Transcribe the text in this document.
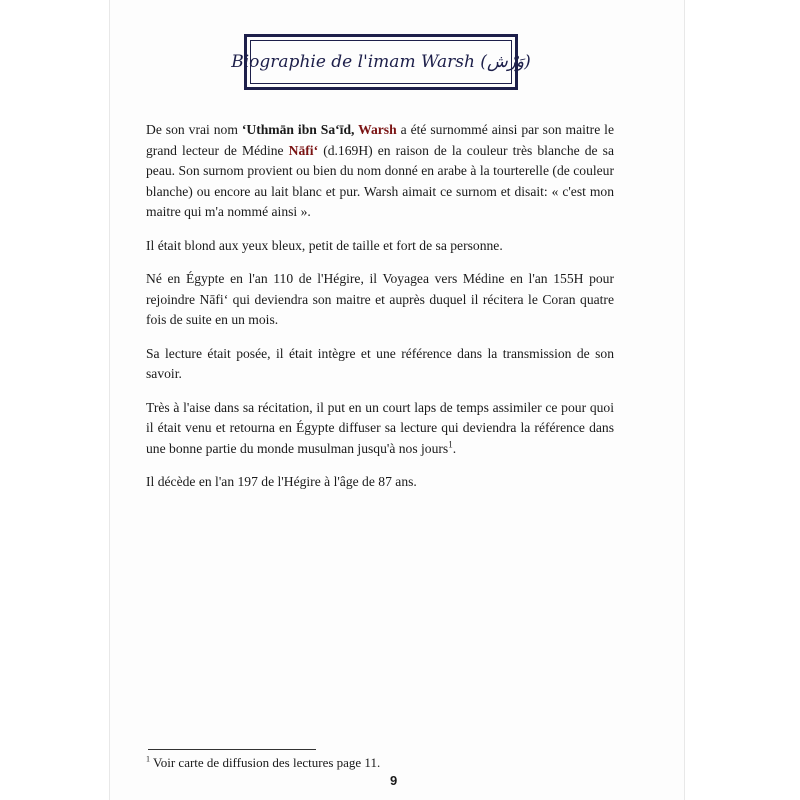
Biographie de l'imam Warsh (وَرْش)

De son vrai nom ‘Uthmān ibn Sa‘īd, Warsh a été surnommé ainsi par son maitre le grand lecteur de Médine Nāfi‘ (d.169H) en raison de la couleur très blanche de sa peau. Son surnom provient ou bien du nom donné en arabe à la tourterelle (de couleur blanche) ou encore au lait blanc et pur. Warsh aimait ce surnom et disait: « c'est mon maitre qui m'a nommé ainsi ».

Il était blond aux yeux bleux, petit de taille et fort de sa personne.

Né en Égypte en l'an 110 de l'Hégire, il Voyagea vers Médine en l'an 155H pour rejoindre Nāfi‘ qui deviendra son maitre et auprès duquel il récitera le Coran quatre fois de suite en un mois.

Sa lecture était posée, il était intègre et une référence dans la transmission de son savoir.

Très à l'aise dans sa récitation, il put en un court laps de temps assimiler ce pour quoi il était venu et retourna en Égypte diffuser sa lecture qui deviendra la référence dans une bonne partie du monde musulman jusqu'à nos jours$^1$.

Il décède en l'an 197 de l'Hégire à l'âge de 87 ans.

$^1$ Voir carte de diffusion des lectures page 11.
9
